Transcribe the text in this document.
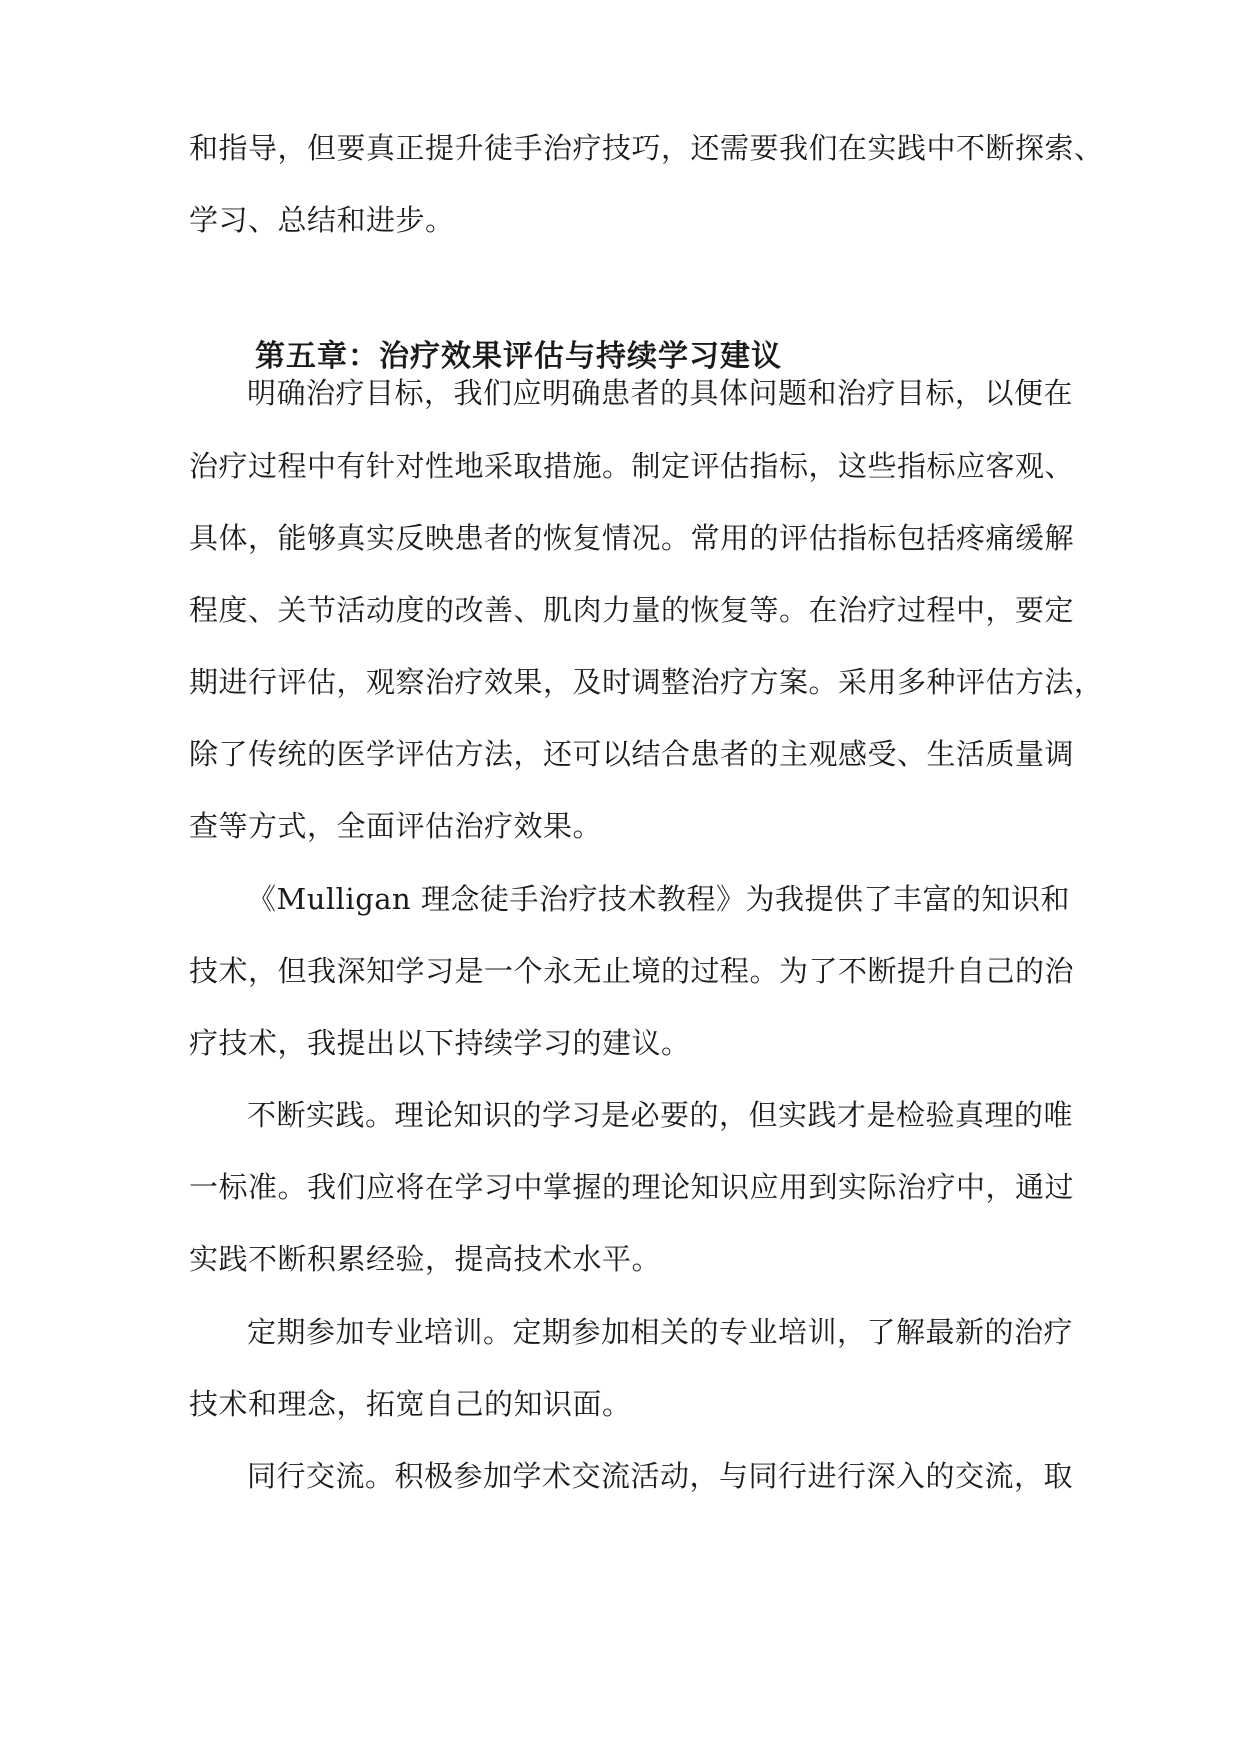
和指导，但要真正提升徒手治疗技巧，还需要我们在实践中不断探索、
学习、总结和进步。
第五章：治疗效果评估与持续学习建议
明确治疗目标，我们应明确患者的具体问题和治疗目标，以便在
治疗过程中有针对性地采取措施。制定评估指标，这些指标应客观、
具体，能够真实反映患者的恢复情况。常用的评估指标包括疼痛缓解
程度、关节活动度的改善、肌肉力量的恢复等。在治疗过程中，要定
期进行评估，观察治疗效果，及时调整治疗方案。采用多种评估方法，
除了传统的医学评估方法，还可以结合患者的主观感受、生活质量调
查等方式，全面评估治疗效果。
《Mulligan 理念徒手治疗技术教程》为我提供了丰富的知识和
技术，但我深知学习是一个永无止境的过程。为了不断提升自己的治
疗技术，我提出以下持续学习的建议。
不断实践。理论知识的学习是必要的，但实践才是检验真理的唯
一标准。我们应将在学习中掌握的理论知识应用到实际治疗中，通过
实践不断积累经验，提高技术水平。
定期参加专业培训。定期参加相关的专业培训，了解最新的治疗
技术和理念，拓宽自己的知识面。
同行交流。积极参加学术交流活动，与同行进行深入的交流，取
